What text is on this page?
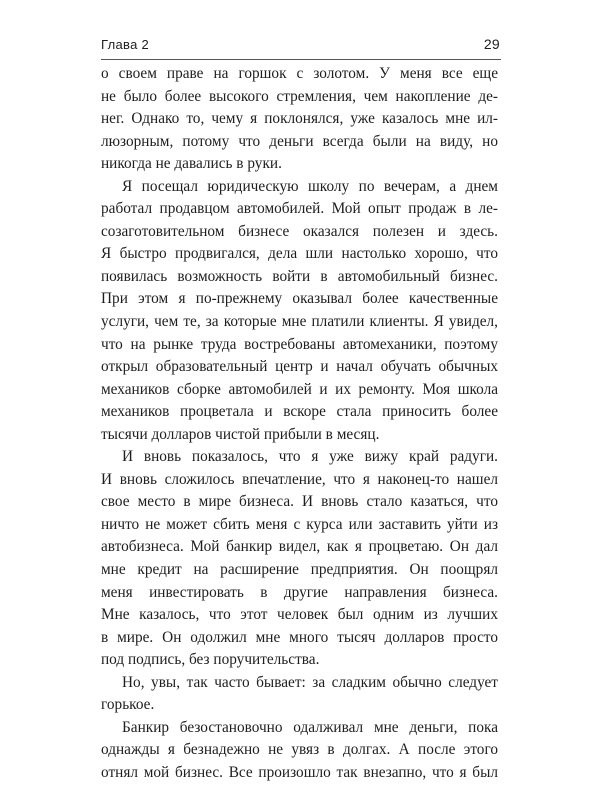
Глава 2	29
о своем праве на горшок с золотом. У меня все еще
не было более высокого стремления, чем накопление де-
нег. Однако то, чему я поклонялся, уже казалось мне ил-
люзорным, потому что деньги всегда были на виду, но
никогда не давались в руки.
Я посещал юридическую школу по вечерам, а днем
работал продавцом автомобилей. Мой опыт продаж в ле-
созаготовительном бизнесе оказался полезен и здесь.
Я быстро продвигался, дела шли настолько хорошо, что
появилась возможность войти в автомобильный бизнес.
При этом я по-прежнему оказывал более качественные
услуги, чем те, за которые мне платили клиенты. Я увидел,
что на рынке труда востребованы автомеханики, поэтому
открыл образовательный центр и начал обучать обычных
механиков сборке автомобилей и их ремонту. Моя школа
механиков процветала и вскоре стала приносить более
тысячи долларов чистой прибыли в месяц.
И вновь показалось, что я уже вижу край радуги.
И вновь сложилось впечатление, что я наконец-то нашел
свое место в мире бизнеса. И вновь стало казаться, что
ничто не может сбить меня с курса или заставить уйти из
автобизнеса. Мой банкир видел, как я процветаю. Он дал
мне кредит на расширение предприятия. Он поощрял
меня инвестировать в другие направления бизнеса.
Мне казалось, что этот человек был одним из лучших
в мире. Он одолжил мне много тысяч долларов просто
под подпись, без поручительства.
Но, увы, так часто бывает: за сладким обычно следует
горькое.
Банкир безостановочно одалживал мне деньги, пока
однажды я безнадежно не увяз в долгах. А после этого
отнял мой бизнес. Все произошло так внезапно, что я был
